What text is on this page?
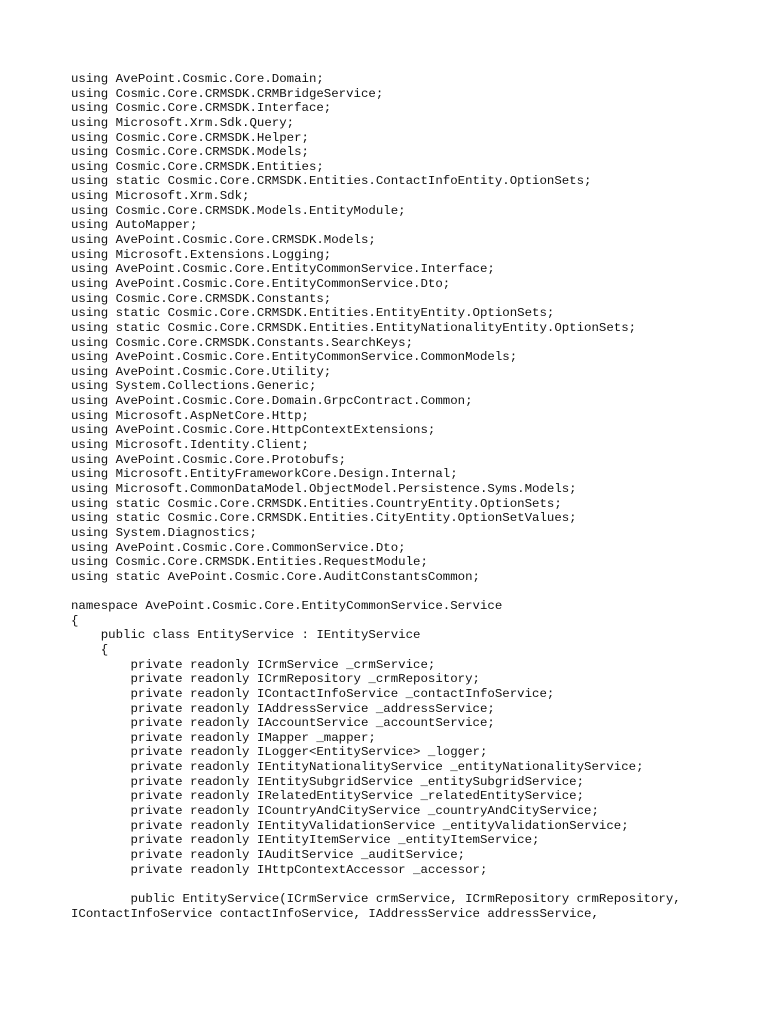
using AvePoint.Cosmic.Core.Domain;
using Cosmic.Core.CRMSDK.CRMBridgeService;
using Cosmic.Core.CRMSDK.Interface;
using Microsoft.Xrm.Sdk.Query;
using Cosmic.Core.CRMSDK.Helper;
using Cosmic.Core.CRMSDK.Models;
using Cosmic.Core.CRMSDK.Entities;
using static Cosmic.Core.CRMSDK.Entities.ContactInfoEntity.OptionSets;
using Microsoft.Xrm.Sdk;
using Cosmic.Core.CRMSDK.Models.EntityModule;
using AutoMapper;
using AvePoint.Cosmic.Core.CRMSDK.Models;
using Microsoft.Extensions.Logging;
using AvePoint.Cosmic.Core.EntityCommonService.Interface;
using AvePoint.Cosmic.Core.EntityCommonService.Dto;
using Cosmic.Core.CRMSDK.Constants;
using static Cosmic.Core.CRMSDK.Entities.EntityEntity.OptionSets;
using static Cosmic.Core.CRMSDK.Entities.EntityNationalityEntity.OptionSets;
using Cosmic.Core.CRMSDK.Constants.SearchKeys;
using AvePoint.Cosmic.Core.EntityCommonService.CommonModels;
using AvePoint.Cosmic.Core.Utility;
using System.Collections.Generic;
using AvePoint.Cosmic.Core.Domain.GrpcContract.Common;
using Microsoft.AspNetCore.Http;
using AvePoint.Cosmic.Core.HttpContextExtensions;
using Microsoft.Identity.Client;
using AvePoint.Cosmic.Core.Protobufs;
using Microsoft.EntityFrameworkCore.Design.Internal;
using Microsoft.CommonDataModel.ObjectModel.Persistence.Syms.Models;
using static Cosmic.Core.CRMSDK.Entities.CountryEntity.OptionSets;
using static Cosmic.Core.CRMSDK.Entities.CityEntity.OptionSetValues;
using System.Diagnostics;
using AvePoint.Cosmic.Core.CommonService.Dto;
using Cosmic.Core.CRMSDK.Entities.RequestModule;
using static AvePoint.Cosmic.Core.AuditConstantsCommon;
namespace AvePoint.Cosmic.Core.EntityCommonService.Service
{
public class EntityService : IEntityService
{
private readonly ICrmService _crmService;
private readonly ICrmRepository _crmRepository;
private readonly IContactInfoService _contactInfoService;
private readonly IAddressService _addressService;
private readonly IAccountService _accountService;
private readonly IMapper _mapper;
private readonly ILogger<EntityService> _logger;
private readonly IEntityNationalityService _entityNationalityService;
private readonly IEntitySubgridService _entitySubgridService;
private readonly IRelatedEntityService _relatedEntityService;
private readonly ICountryAndCityService _countryAndCityService;
private readonly IEntityValidationService _entityValidationService;
private readonly IEntityItemService _entityItemService;
private readonly IAuditService _auditService;
private readonly IHttpContextAccessor _accessor;
public EntityService(ICrmService crmService, ICrmRepository crmRepository,
IContactInfoService contactInfoService, IAddressService addressService,
